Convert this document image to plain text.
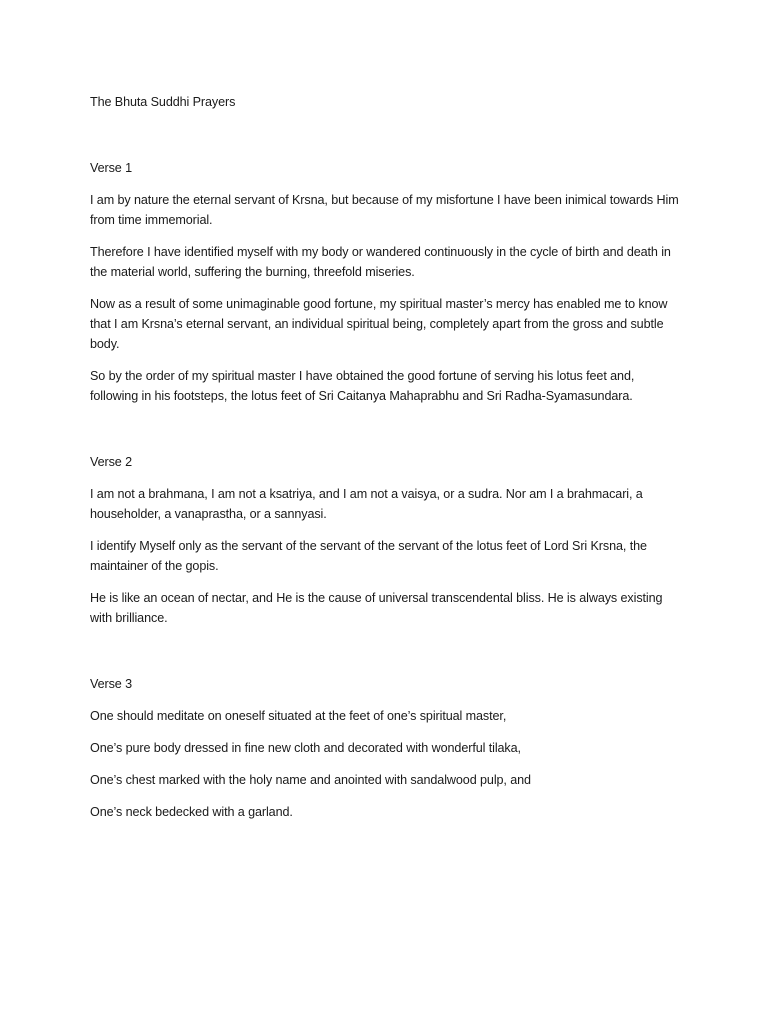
The Bhuta Suddhi Prayers
Verse 1

I am by nature the eternal servant of Krsna, but because of my misfortune I have been inimical towards Him from time immemorial.

Therefore I have identified myself with my body or wandered continuously in the cycle of birth and death in the material world, suffering the burning, threefold miseries.

Now as a result of some unimaginable good fortune, my spiritual master’s mercy has enabled me to know that I am Krsna’s eternal servant, an individual spiritual being, completely apart from the gross and subtle body.

So by the order of my spiritual master I have obtained the good fortune of serving his lotus feet and, following in his footsteps, the lotus feet of Sri Caitanya Mahaprabhu and Sri Radha-Syamasundara.

Verse 2

I am not a brahmana, I am not a ksatriya, and I am not a vaisya, or a sudra. Nor am I a brahmacari, a householder, a vanaprastha, or a sannyasi.

I identify Myself only as the servant of the servant of the servant of the lotus feet of Lord Sri Krsna, the maintainer of the gopis.

He is like an ocean of nectar, and He is the cause of universal transcendental bliss. He is always existing with brilliance.

Verse 3

One should meditate on oneself situated at the feet of one’s spiritual master,

One’s pure body dressed in fine new cloth and decorated with wonderful tilaka,

One’s chest marked with the holy name and anointed with sandalwood pulp, and

One’s neck bedecked with a garland.
